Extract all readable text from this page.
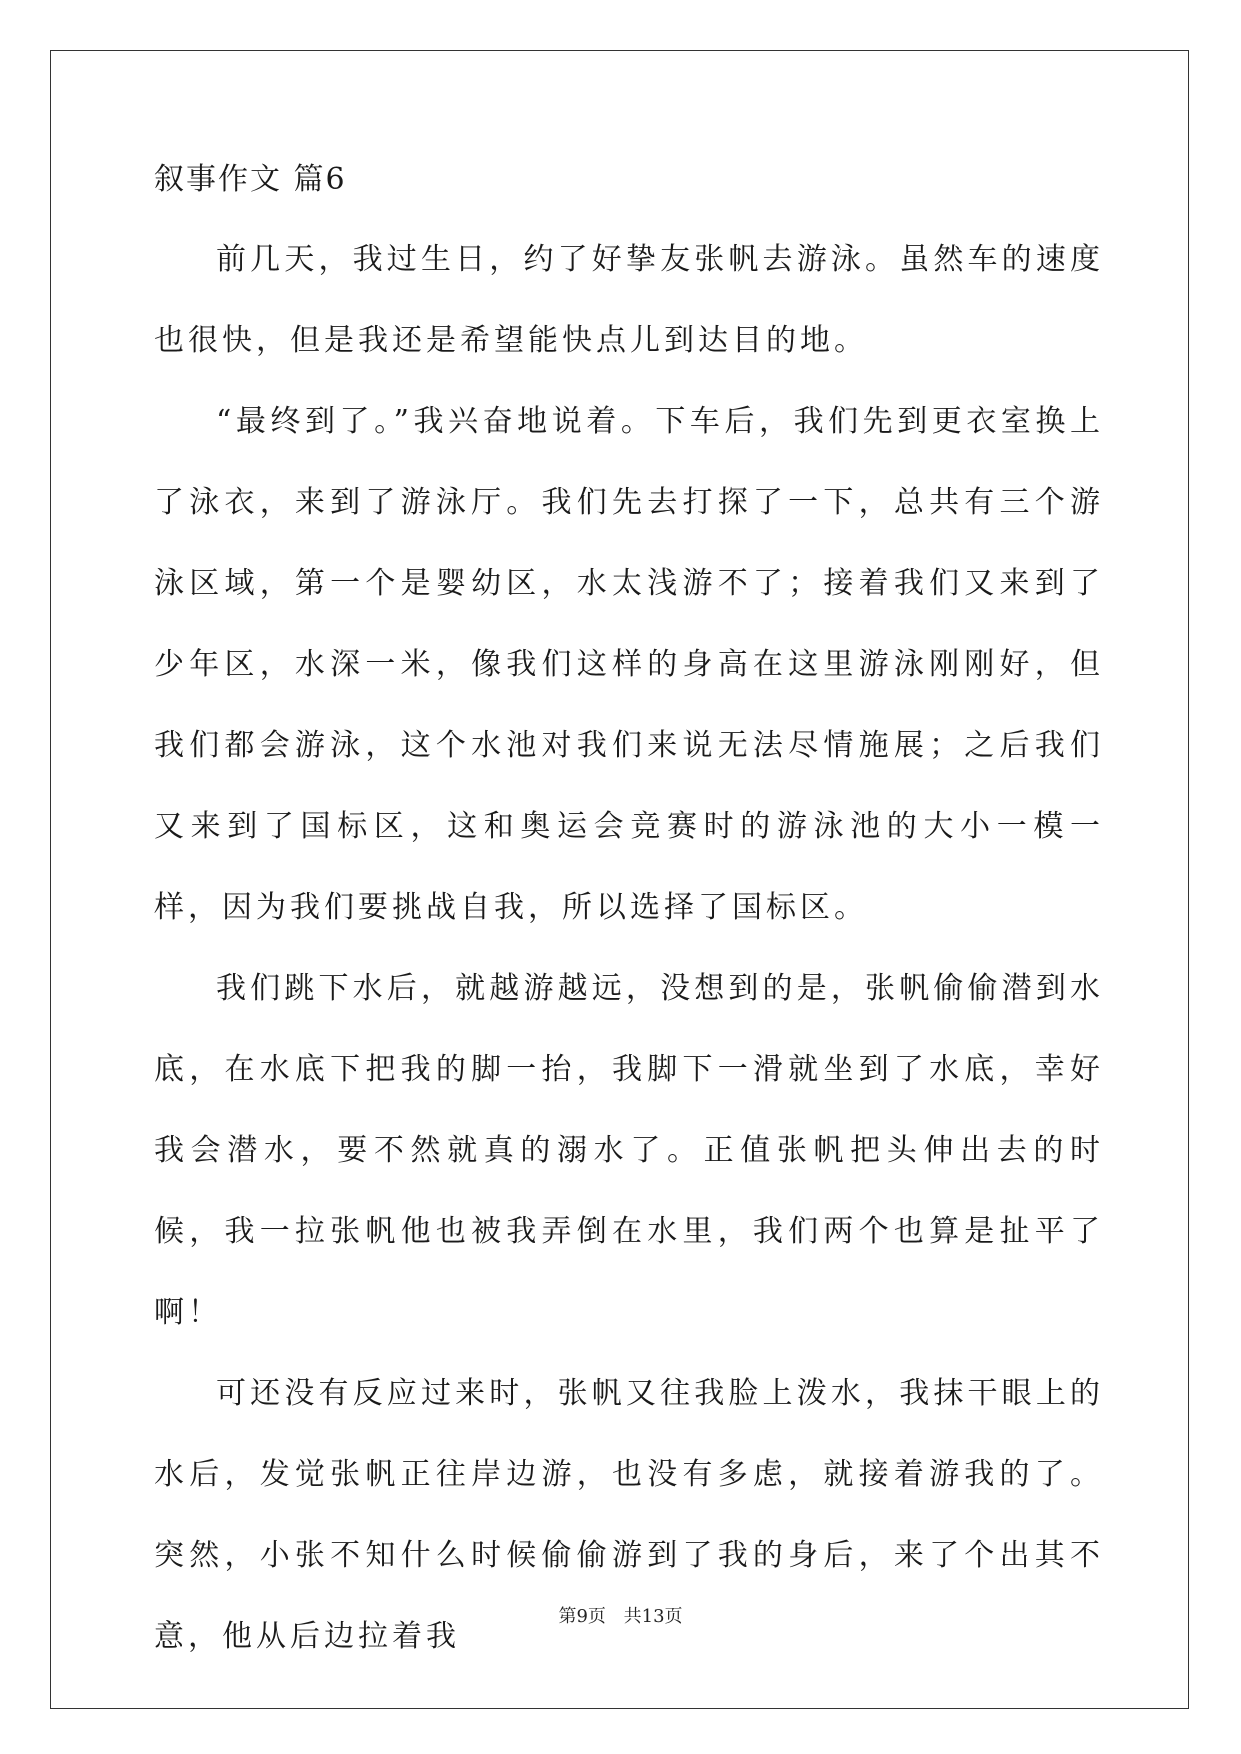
叙事作文 篇6

前几天，我过生日，约了好挚友张帆去游泳。虽然车的速度也很快，但是我还是希望能快点儿到达目的地。

“最终到了。”我兴奋地说着。下车后，我们先到更衣室换上了泳衣，来到了游泳厅。我们先去打探了一下，总共有三个游泳区域，第一个是婴幼区，水太浅游不了；接着我们又来到了少年区，水深一米，像我们这样的身高在这里游泳刚刚好，但我们都会游泳，这个水池对我们来说无法尽情施展；之后我们又来到了国标区，这和奥运会竞赛时的游泳池的大小一模一样，因为我们要挑战自我，所以选择了国标区。

我们跳下水后，就越游越远，没想到的是，张帆偷偷潜到水底，在水底下把我的脚一抬，我脚下一滑就坐到了水底，幸好我会潜水，要不然就真的溺水了。正值张帆把头伸出去的时候，我一拉张帆他也被我弄倒在水里，我们两个也算是扯平了啊！

可还没有反应过来时，张帆又往我脸上泼水，我抹干眼上的水后，发觉张帆正往岸边游，也没有多虑，就接着游我的了。突然，小张不知什么时候偷偷游到了我的身后，来了个出其不意，他从后边拉着我

第9页 共13页
